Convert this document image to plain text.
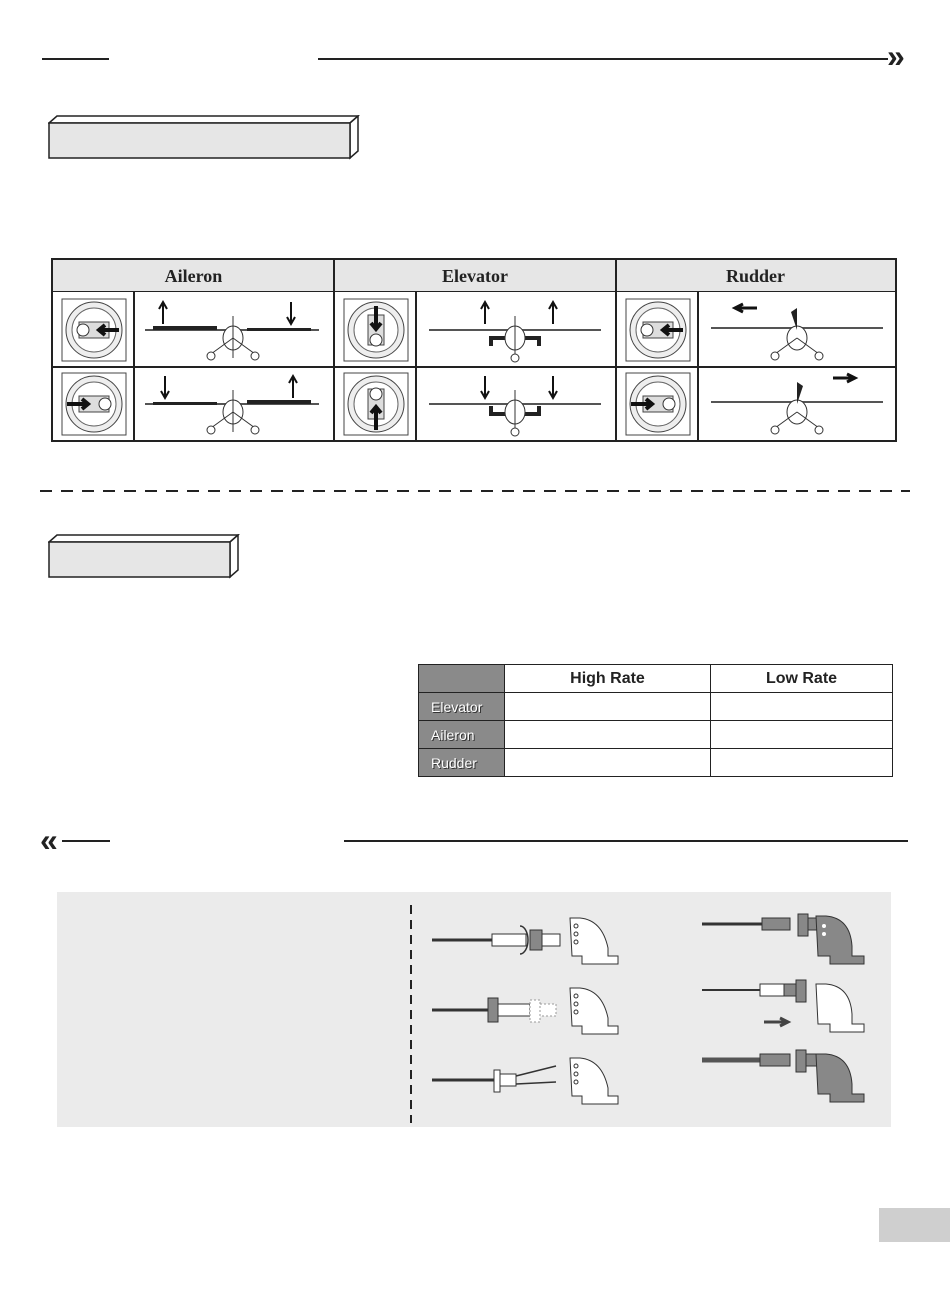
»
Aileron	Elevator	Rudder
	High Rate	Low Rate
Elevator		
Aileron		
Rudder		
«
